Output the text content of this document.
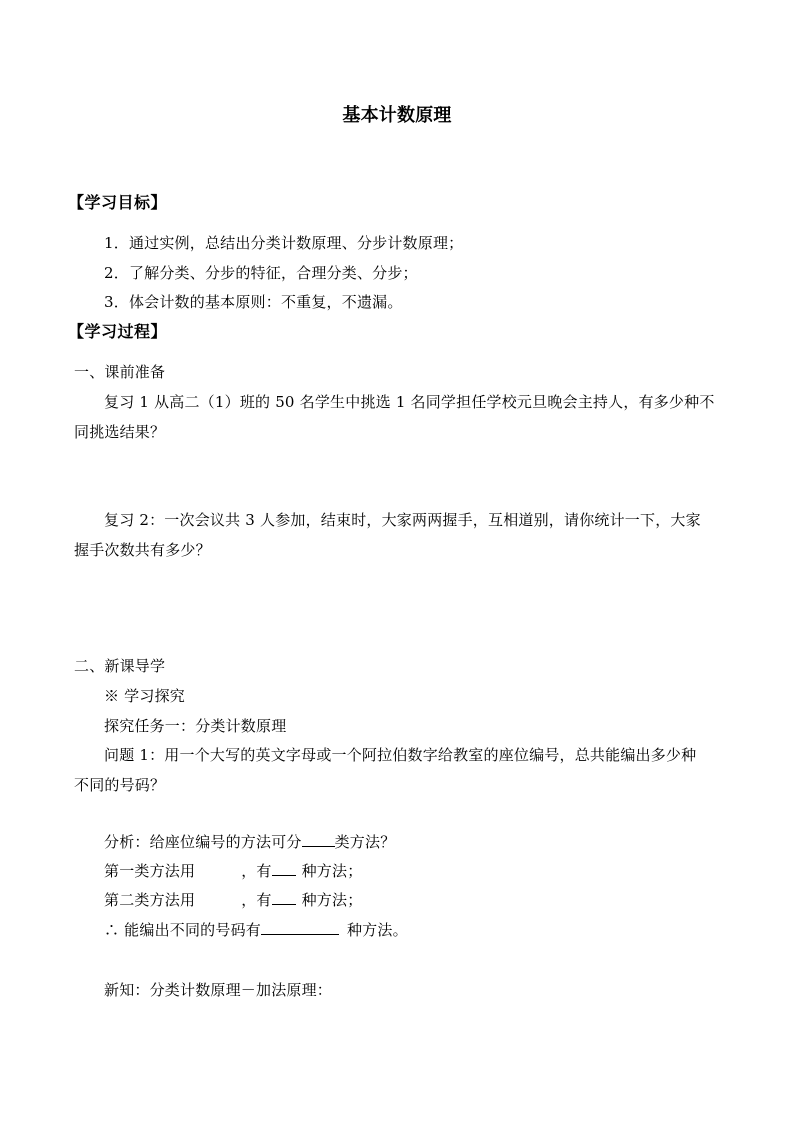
基本计数原理
【学习目标】
1．通过实例，总结出分类计数原理、分步计数原理；
2．了解分类、分步的特征，合理分类、分步；
3．体会计数的基本原则：不重复，不遗漏。
【学习过程】
一、课前准备
复习 1 从高二（1）班的 50 名学生中挑选 1 名同学担任学校元旦晚会主持人，有多少种不
同挑选结果？
复习 2：一次会议共 3 人参加，结束时，大家两两握手，互相道别，请你统计一下，大家
握手次数共有多少？
二、新课导学
※ 学习探究
探究任务一：分类计数原理
问题 1：用一个大写的英文字母或一个阿拉伯数字给教室的座位编号，总共能编出多少种
不同的号码？
分析：给座位编号的方法可分 类方法？
第一类方法用	，有 种方法；
第二类方法用	，有 种方法；
∴ 能编出不同的号码有	种方法。
新知：分类计数原理－加法原理：
